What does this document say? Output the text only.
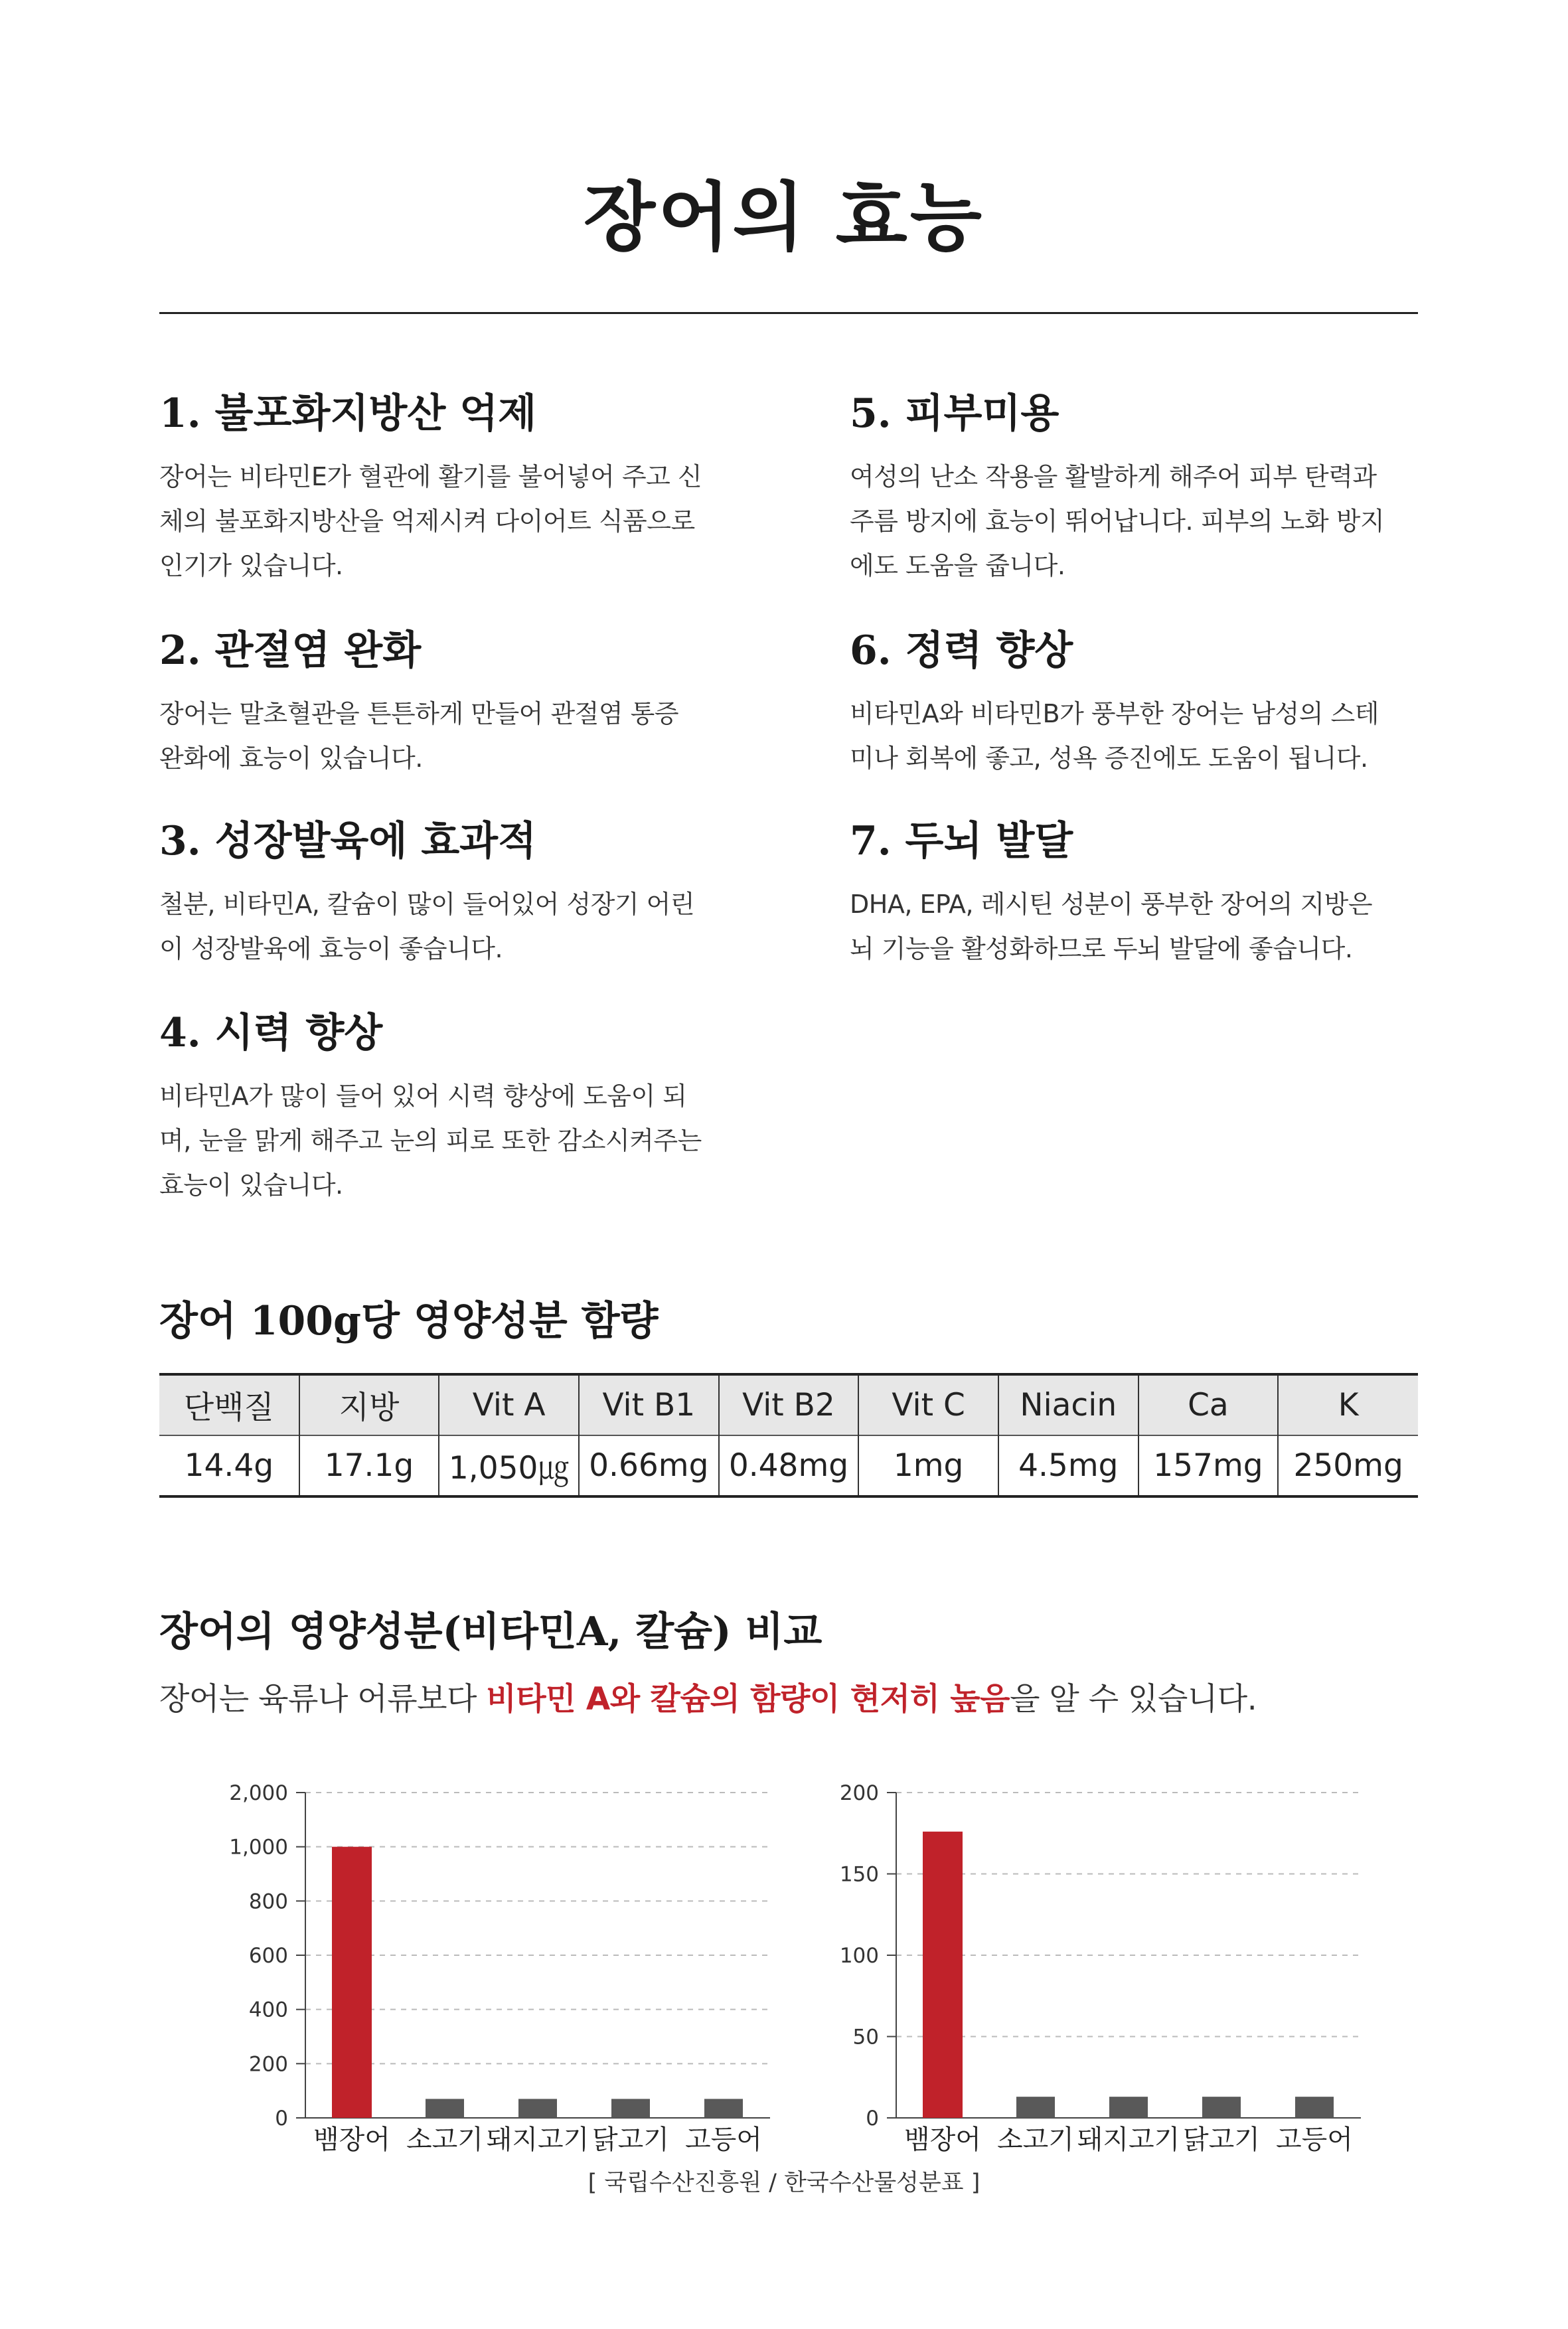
장어의 효능
1. 불포화지방산 억제

장어는 비타민E가 혈관에 활기를 불어넣어 주고 신
체의 불포화지방산을 억제시켜 다이어트 식품으로
인기가 있습니다.

2. 관절염 완화

장어는 말초혈관을 튼튼하게 만들어 관절염 통증
완화에 효능이 있습니다.

3. 성장발육에 효과적

철분, 비타민A, 칼슘이 많이 들어있어 성장기 어린
이 성장발육에 효능이 좋습니다.

4. 시력 향상

비타민A가 많이 들어 있어 시력 향상에 도움이 되
며, 눈을 맑게 해주고 눈의 피로 또한 감소시켜주는
효능이 있습니다.

5. 피부미용

여성의 난소 작용을 활발하게 해주어 피부 탄력과
주름 방지에 효능이 뛰어납니다. 피부의 노화 방지
에도 도움을 줍니다.

6. 정력 향상

비타민A와 비타민B가 풍부한 장어는 남성의 스테
미나 회복에 좋고, 성욕 증진에도 도움이 됩니다.

7. 두뇌 발달

DHA, EPA, 레시틴 성분이 풍부한 장어의 지방은
뇌 기능을 활성화하므로 두뇌 발달에 좋습니다.

장어 100g당 영양성분 함량
단백질	지방	Vit A	Vit B1	Vit B2	Vit C	Niacin	Ca	K
14.4g	17.1g	1,050㎍	0.66mg	0.48mg	1mg	4.5mg	157mg	250mg
장어의 영양성분(비타민A, 칼슘) 비교
장어는 육류나 어류보다 비타민 A와 칼슘의 함량이 현저히 높음을 알 수 있습니다.
0
200
400
600
800
1,000
2,000
뱀장어 소고기 돼지고기 닭고기 고등어
0
50
100
150
200
뱀장어 소고기 돼지고기 닭고기 고등어
[ 국립수산진흥원 / 한국수산물성분표 ]
